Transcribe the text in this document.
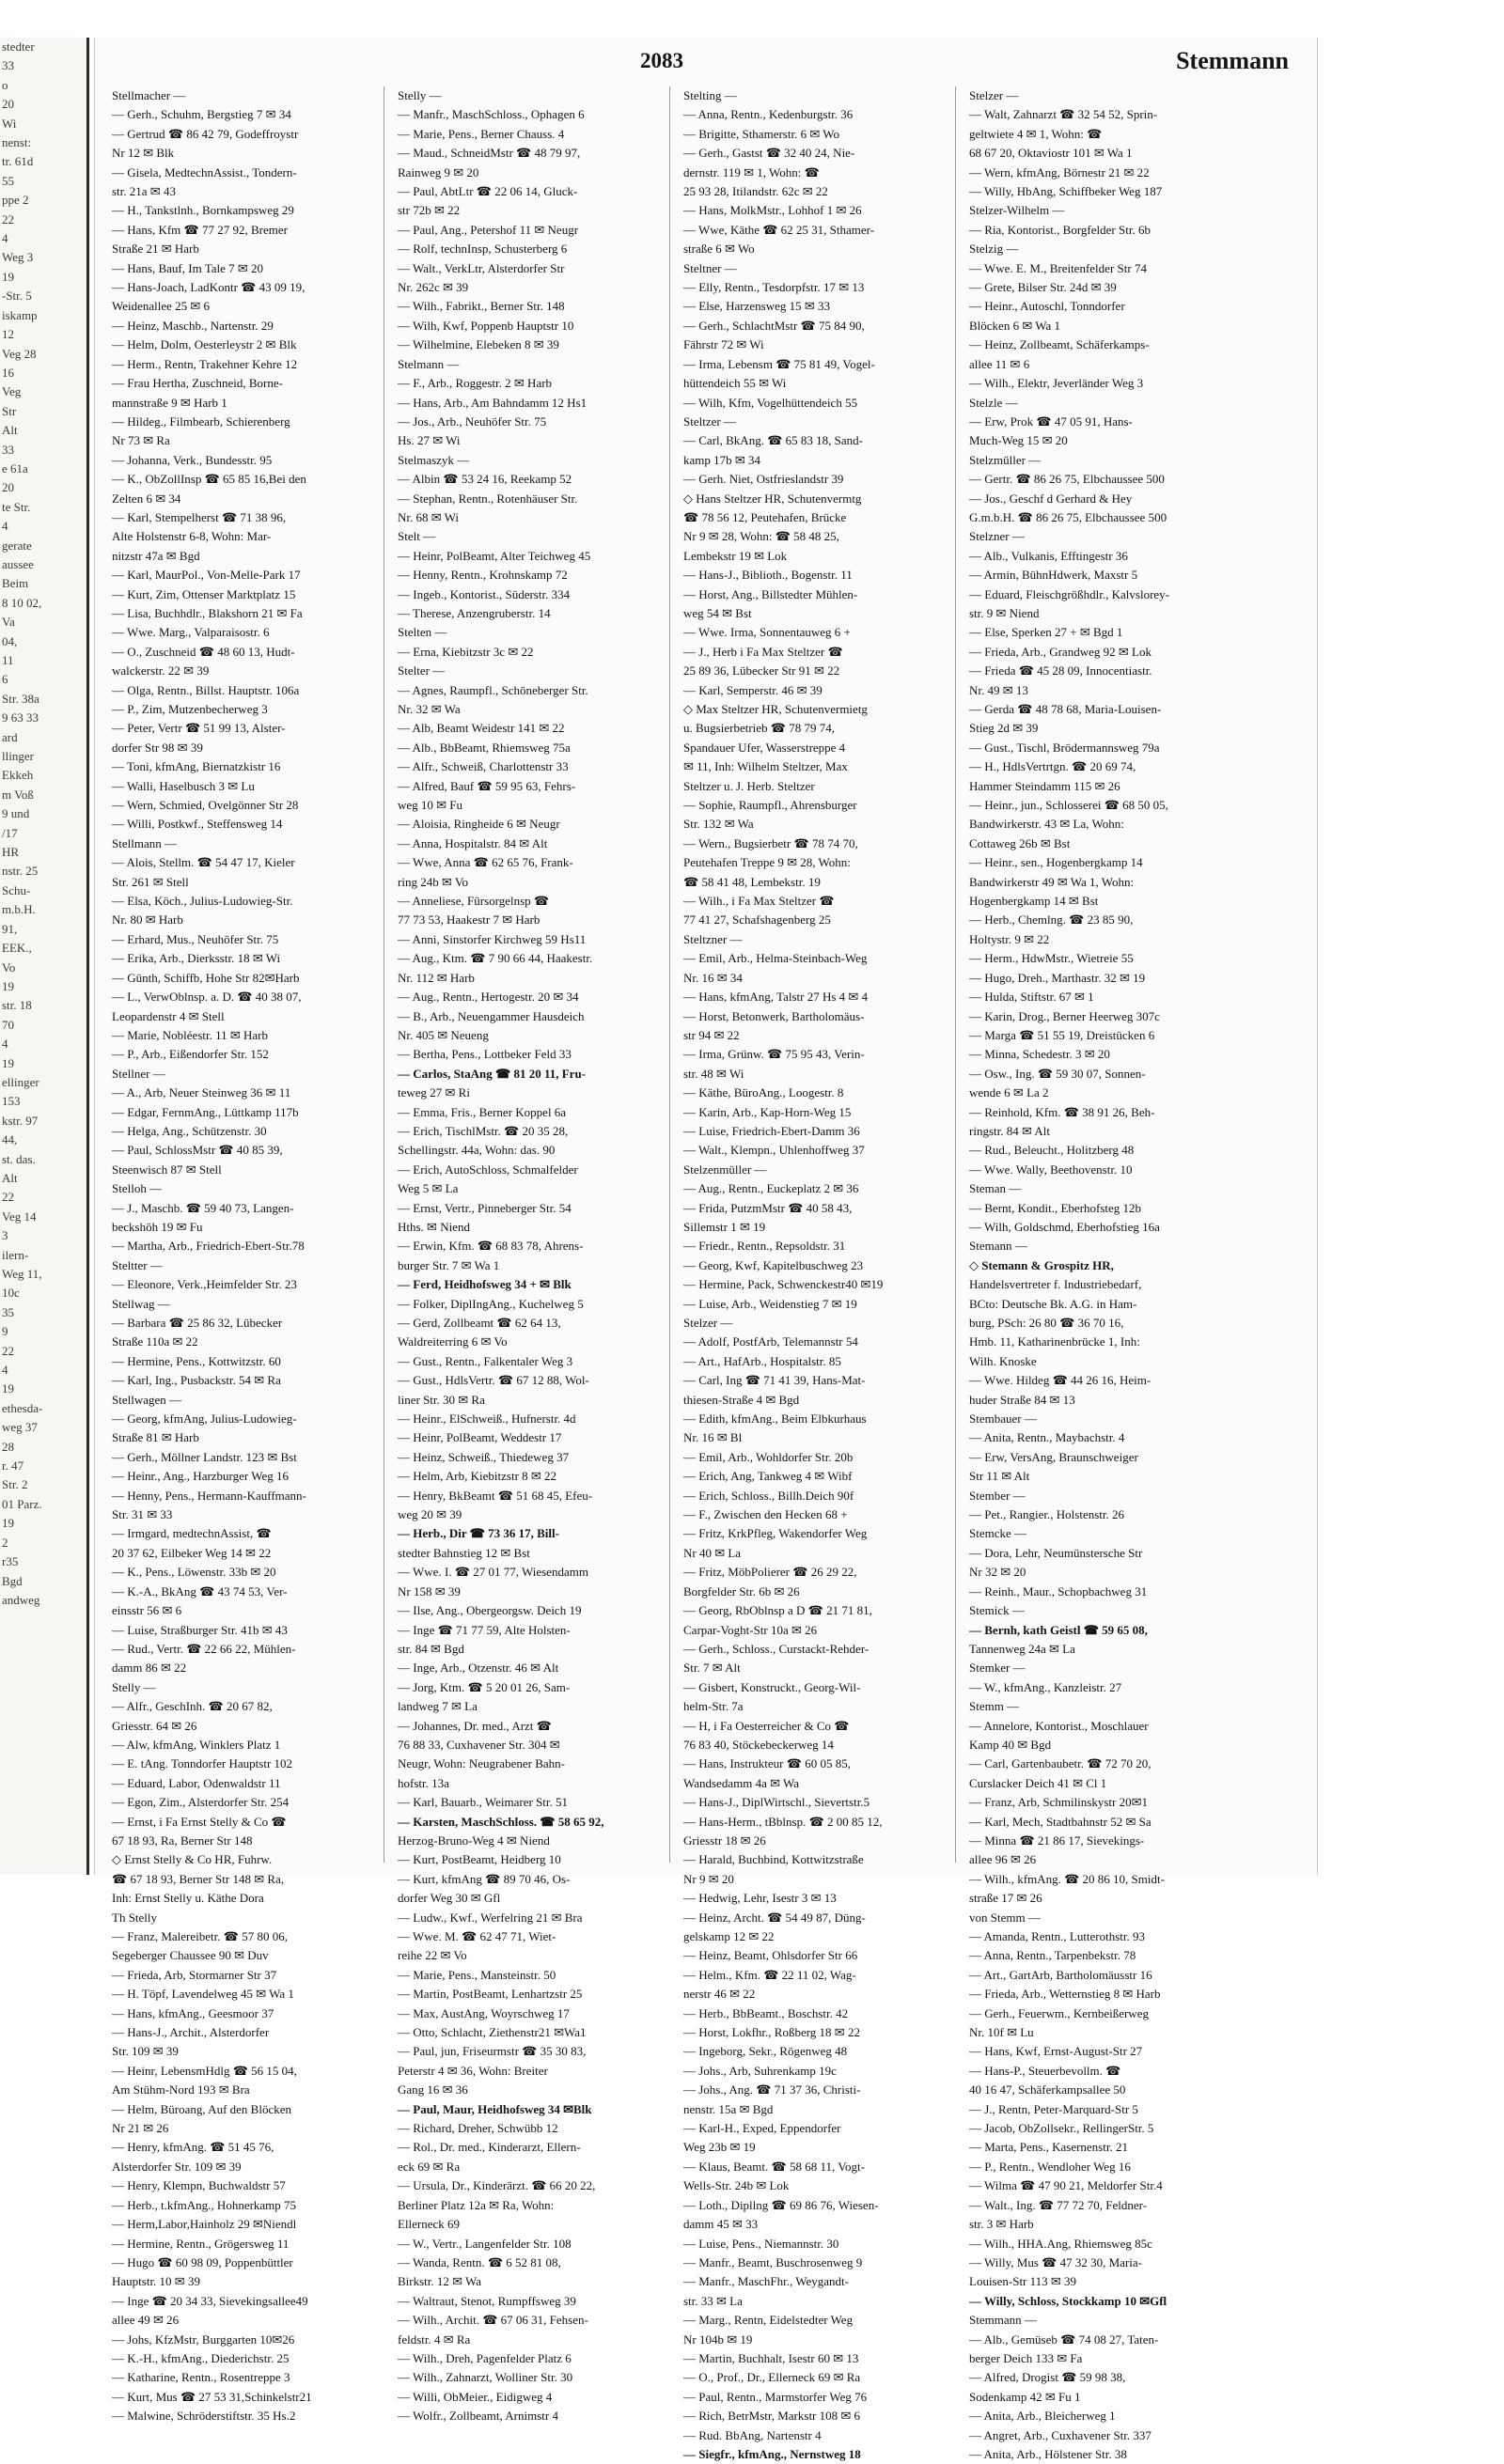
stedter
33
o
20
Wi
nenst:
tr. 61d
55
ppe 2
22
4
Weg 3
19
-Str. 5
iskamp
12
Veg 28
16
Veg
Str
Alt
33
e 61a
20
te Str.
4
gerate
aussee
Beim
8 10 02,
Va
04,
11
6
Str. 38a
9 63 33
ard
llinger
Ekkeh
m Voß
9 und
/17
HR
nstr. 25
Schu-
m.b.H.
91,
EEK.,
Vo
19
str. 18
70
4
19
ellinger
153
kstr. 97
44,
st. das.
Alt
22
Veg 14
3
ilern-
Weg 11,
10c
35
9
22
4
19
ethesda-
weg 37
28
r. 47
Str. 2
01 Parz.
19
2
r35
Bgd
andweg
2083	Stemmann
Stellmacher —
— Gerh., Schuhm, Bergstieg 7 ✉ 34
— Gertrud ☎ 86 42 79, Godeffroystr
Nr 12 ✉ Blk
— Gisela, MedtechnAssist., Tondern-
str. 21a ✉ 43
— H., Tankstlnh., Bornkampsweg 29
— Hans, Kfm ☎ 77 27 92, Bremer
Straße 21 ✉ Harb
— Hans, Bauf, Im Tale 7 ✉ 20
— Hans-Joach, LadKontr ☎ 43 09 19,
Weidenallee 25 ✉ 6
— Heinz, Maschb., Nartenstr. 29
— Helm, Dolm, Oesterleystr 2 ✉ Blk
— Herm., Rentn, Trakehner Kehre 12
— Frau Hertha, Zuschneid, Borne-
mannstraße 9 ✉ Harb 1
— Hildeg., Filmbearb, Schierenberg
Nr 73 ✉ Ra
— Johanna, Verk., Bundesstr. 95
— K., ObZollInsp ☎ 65 85 16,Bei den
Zelten 6 ✉ 34
— Karl, Stempelherst ☎ 71 38 96,
Alte Holstenstr 6-8, Wohn: Mar-
nitzstr 47a ✉ Bgd
— Karl, MaurPol., Von-Melle-Park 17
— Kurt, Zim, Ottenser Marktplatz 15
— Lisa, Buchhdlr., Blakshorn 21 ✉ Fa
— Wwe. Marg., Valparaisostr. 6
— O., Zuschneid ☎ 48 60 13, Hudt-
walckerstr. 22 ✉ 39
— Olga, Rentn., Billst. Hauptstr. 106a
— P., Zim, Mutzenbecherweg 3
— Peter, Vertr ☎ 51 99 13, Alster-
dorfer Str 98 ✉ 39
— Toni, kfmAng, Biernatzkistr 16
— Walli, Haselbusch 3 ✉ Lu
— Wern, Schmied, Ovelgönner Str 28
— Willi, Postkwf., Steffensweg 14
Stellmann —
— Alois, Stellm. ☎ 54 47 17, Kieler
Str. 261 ✉ Stell
— Elsa, Köch., Julius-Ludowieg-Str.
Nr. 80 ✉ Harb
— Erhard, Mus., Neuhöfer Str. 75
— Erika, Arb., Dierksstr. 18 ✉ Wi
— Günth, Schiffb, Hohe Str 82✉Harb
— L., VerwOblnsp. a. D. ☎ 40 38 07,
Leopardenstr 4 ✉ Stell
— Marie, Nobléestr. 11 ✉ Harb
— P., Arb., Eißendorfer Str. 152
Stellner —
— A., Arb, Neuer Steinweg 36 ✉ 11
— Edgar, FernmAng., Lüttkamp 117b
— Helga, Ang., Schützenstr. 30
— Paul, SchlossMstr ☎ 40 85 39,
Steenwisch 87 ✉ Stell
Stelloh —
— J., Maschb. ☎ 59 40 73, Langen-
beckshöh 19 ✉ Fu
— Martha, Arb., Friedrich-Ebert-Str.78
Steltter —
— Eleonore, Verk.,Heimfelder Str. 23
Stellwag —
— Barbara ☎ 25 86 32, Lübecker
Straße 110a ✉ 22
— Hermine, Pens., Kottwitzstr. 60
— Karl, Ing., Pusbackstr. 54 ✉ Ra
Stellwagen —
— Georg, kfmAng, Julius-Ludowieg-
Straße 81 ✉ Harb
— Gerh., Möllner Landstr. 123 ✉ Bst
— Heinr., Ang., Harzburger Weg 16
— Henny, Pens., Hermann-Kauffmann-
Str. 31 ✉ 33
— Irmgard, medtechnAssist, ☎
20 37 62, Eilbeker Weg 14 ✉ 22
— K., Pens., Löwenstr. 33b ✉ 20
— K.-A., BkAng ☎ 43 74 53, Ver-
einsstr 56 ✉ 6
— Luise, Straßburger Str. 41b ✉ 43
— Rud., Vertr. ☎ 22 66 22, Mühlen-
damm 86 ✉ 22
Stelly —
— Alfr., GeschInh. ☎ 20 67 82,
Griesstr. 64 ✉ 26
— Alw, kfmAng, Winklers Platz 1
— E. tAng. Tonndorfer Hauptstr 102
— Eduard, Labor, Odenwaldstr 11
— Egon, Zim., Alsterdorfer Str. 254
— Ernst, i Fa Ernst Stelly & Co ☎
67 18 93, Ra, Berner Str 148
◇ Ernst Stelly & Co HR, Fuhrw.
☎ 67 18 93, Berner Str 148 ✉ Ra,
Inh: Ernst Stelly u. Käthe Dora
Th Stelly
— Franz, Malereibetr. ☎ 57 80 06,
Segeberger Chaussee 90 ✉ Duv
— Frieda, Arb, Stormarner Str 37
— H. Töpf, Lavendelweg 45 ✉ Wa 1
— Hans, kfmAng., Geesmoor 37
— Hans-J., Archit., Alsterdorfer
Str. 109 ✉ 39
— Heinr, LebensmHdlg ☎ 56 15 04,
Am Stühm-Nord 193 ✉ Bra
— Helm, Büroang, Auf den Blöcken
Nr 21 ✉ 26
— Henry, kfmAng. ☎ 51 45 76,
Alsterdorfer Str. 109 ✉ 39
— Henry, Klempn, Buchwaldstr 57
— Herb., t.kfmAng., Hohnerkamp 75
— Herm,Labor,Hainholz 29 ✉Niendl
— Hermine, Rentn., Grögersweg 11
— Hugo ☎ 60 98 09, Poppenbüttler
Hauptstr. 10 ✉ 39
— Inge ☎ 20 34 33, Sievekingsallee49
allee 49 ✉ 26
— Johs, KfzMstr, Burggarten 10✉26
— K.-H., kfmAng., Diederichstr. 25
— Katharine, Rentn., Rosentreppe 3
— Kurt, Mus ☎ 27 53 31,Schinkelstr21
— Malwine, Schröderstiftstr. 35 Hs.2
Stelly —
— Manfr., MaschSchloss., Ophagen 6
— Marie, Pens., Berner Chauss. 4
— Maud., SchneidMstr ☎ 48 79 97,
Rainweg 9 ✉ 20
— Paul, AbtLtr ☎ 22 06 14, Gluck-
str 72b ✉ 22
— Paul, Ang., Petershof 11 ✉ Neugr
— Rolf, technInsp, Schusterberg 6
— Walt., VerkLtr, Alsterdorfer Str
Nr. 262c ✉ 39
— Wilh., Fabrikt., Berner Str. 148
— Wilh, Kwf, Poppenb Hauptstr 10
— Wilhelmine, Elebeken 8 ✉ 39
Stelmann —
— F., Arb., Roggestr. 2 ✉ Harb
— Hans, Arb., Am Bahndamm 12 Hs1
— Jos., Arb., Neuhöfer Str. 75
Hs. 27 ✉ Wi
Stelmaszyk —
— Albin ☎ 53 24 16, Reekamp 52
— Stephan, Rentn., Rotenhäuser Str.
Nr. 68 ✉ Wi
Stelt —
— Heinr, PolBeamt, Alter Teichweg 45
— Henny, Rentn., Krohnskamp 72
— Ingeb., Kontorist., Süderstr. 334
— Therese, Anzengruberstr. 14
Stelten —
— Erna, Kiebitzstr 3c ✉ 22
Stelter —
— Agnes, Raumpfl., Schöneberger Str.
Nr. 32 ✉ Wa
— Alb, Beamt Weidestr 141 ✉ 22
— Alb., BbBeamt, Rhiemsweg 75a
— Alfr., Schweiß, Charlottenstr 33
— Alfred, Bauf ☎ 59 95 63, Fehrs-
weg 10 ✉ Fu
— Aloisia, Ringheide 6 ✉ Neugr
— Anna, Hospitalstr. 84 ✉ Alt
— Wwe, Anna ☎ 62 65 76, Frank-
ring 24b ✉ Vo
— Anneliese, Fürsorgelnsp ☎
77 73 53, Haakestr 7 ✉ Harb
— Anni, Sinstorfer Kirchweg 59 Hs11
— Aug., Ktm. ☎ 7 90 66 44, Haakestr.
Nr. 112 ✉ Harb
— Aug., Rentn., Hertogestr. 20 ✉ 34
— B., Arb., Neuengammer Hausdeich
Nr. 405 ✉ Neueng
— Bertha, Pens., Lottbeker Feld 33
— Carlos, StaAng ☎ 81 20 11, Fru-
teweg 27 ✉ Ri
— Emma, Fris., Berner Koppel 6a
— Erich, TischlMstr. ☎ 20 35 28,
Schellingstr. 44a, Wohn: das. 90
— Erich, AutoSchloss, Schmalfelder
Weg 5 ✉ La
— Ernst, Vertr., Pinneberger Str. 54
Hths. ✉ Niend
— Erwin, Kfm. ☎ 68 83 78, Ahrens-
burger Str. 7 ✉ Wa 1
— Ferd, Heidhofsweg 34 + ✉ Blk
— Folker, DiplIngAng., Kuchelweg 5
— Gerd, Zollbeamt ☎ 62 64 13,
Waldreiterring 6 ✉ Vo
— Gust., Rentn., Falkentaler Weg 3
— Gust., HdlsVertr. ☎ 67 12 88, Wol-
liner Str. 30 ✉ Ra
— Heinr., ElSchweiß., Hufnerstr. 4d
— Heinr, PolBeamt, Weddestr 17
— Heinz, Schweiß., Thiedeweg 37
— Helm, Arb, Kiebitzstr 8 ✉ 22
— Henry, BkBeamt ☎ 51 68 45, Efeu-
weg 20 ✉ 39
— Herb., Dir ☎ 73 36 17, Bill-
stedter Bahnstieg 12 ✉ Bst
— Wwe. I. ☎ 27 01 77, Wiesendamm
Nr 158 ✉ 39
— Ilse, Ang., Obergeorgsw. Deich 19
— Inge ☎ 71 77 59, Alte Holsten-
str. 84 ✉ Bgd
— Inge, Arb., Otzenstr. 46 ✉ Alt
— Jorg, Ktm. ☎ 5 20 01 26, Sam-
landweg 7 ✉ La
— Johannes, Dr. med., Arzt ☎
76 88 33, Cuxhavener Str. 304 ✉
Neugr, Wohn: Neugrabener Bahn-
hofstr. 13a
— Karl, Bauarb., Weimarer Str. 51
— Karsten, MaschSchloss. ☎ 58 65 92,
Herzog-Bruno-Weg 4 ✉ Niend
— Kurt, PostBeamt, Heidberg 10
— Kurt, kfmAng ☎ 89 70 46, Os-
dorfer Weg 30 ✉ Gfl
— Ludw., Kwf., Werfelring 21 ✉ Bra
— Wwe. M. ☎ 62 47 71, Wiet-
reihe 22 ✉ Vo
— Marie, Pens., Mansteinstr. 50
— Martin, PostBeamt, Lenhartzstr 25
— Max, AustAng, Woyrschweg 17
— Otto, Schlacht, Ziethenstr21 ✉Wa1
— Paul, jun, Friseurmstr ☎ 35 30 83,
Peterstr 4 ✉ 36, Wohn: Breiter
Gang 16 ✉ 36
— Paul, Maur, Heidhofsweg 34 ✉Blk
— Richard, Dreher, Schwübb 12
— Rol., Dr. med., Kinderarzt, Ellern-
eck 69 ✉ Ra
— Ursula, Dr., Kinderärzt. ☎ 66 20 22,
Berliner Platz 12a ✉ Ra, Wohn:
Ellerneck 69
— W., Vertr., Langenfelder Str. 108
— Wanda, Rentn. ☎ 6 52 81 08,
Birkstr. 12 ✉ Wa
— Waltraut, Stenot, Rumpffsweg 39
— Wilh., Archit. ☎ 67 06 31, Fehsen-
feldstr. 4 ✉ Ra
— Wilh., Dreh, Pagenfelder Platz 6
— Wilh., Zahnarzt, Wolliner Str. 30
— Willi, ObMeier., Eidigweg 4
— Wolfr., Zollbeamt, Arnimstr 4
Stelting —
— Anna, Rentn., Kedenburgstr. 36
— Brigitte, Sthamerstr. 6 ✉ Wo
— Gerh., Gastst ☎ 32 40 24, Nie-
dernstr. 119 ✉ 1, Wohn: ☎
25 93 28, Itilandstr. 62c ✉ 22
— Hans, MolkMstr., Lohhof 1 ✉ 26
— Wwe, Käthe ☎ 62 25 31, Sthamer-
straße 6 ✉ Wo
Steltner —
— Elly, Rentn., Tesdorpfstr. 17 ✉ 13
— Else, Harzensweg 15 ✉ 33
— Gerh., SchlachtMstr ☎ 75 84 90,
Fährstr 72 ✉ Wi
— Irma, Lebensm ☎ 75 81 49, Vogel-
hüttendeich 55 ✉ Wi
— Wilh, Kfm, Vogelhüttendeich 55
Steltzer —
— Carl, BkAng. ☎ 65 83 18, Sand-
kamp 17b ✉ 34
— Gerh. Niet, Ostfrieslandstr 39
◇ Hans Steltzer HR, Schutenvermtg
☎ 78 56 12, Peutehafen, Brücke
Nr 9 ✉ 28, Wohn: ☎ 58 48 25,
Lembekstr 19 ✉ Lok
— Hans-J., Biblioth., Bogenstr. 11
— Horst, Ang., Billstedter Mühlen-
weg 54 ✉ Bst
— Wwe. Irma, Sonnentauweg 6 +
— J., Herb i Fa Max Steltzer ☎
25 89 36, Lübecker Str 91 ✉ 22
— Karl, Semperstr. 46 ✉ 39
◇ Max Steltzer HR, Schutenvermietg
u. Bugsierbetrieb ☎ 78 79 74,
Spandauer Ufer, Wasserstreppe 4
✉ 11, Inh: Wilhelm Steltzer, Max
Steltzer u. J. Herb. Steltzer
— Sophie, Raumpfl., Ahrensburger
Str. 132 ✉ Wa
— Wern., Bugsierbetr ☎ 78 74 70,
Peutehafen Treppe 9 ✉ 28, Wohn:
☎ 58 41 48, Lembekstr. 19
— Wilh., i Fa Max Steltzer ☎
77 41 27, Schafshagenberg 25
Steltzner —
— Emil, Arb., Helma-Steinbach-Weg
Nr. 16 ✉ 34
— Hans, kfmAng, Talstr 27 Hs 4 ✉ 4
— Horst, Betonwerk, Bartholomäus-
str 94 ✉ 22
— Irma, Grünw. ☎ 75 95 43, Verin-
str. 48 ✉ Wi
— Käthe, BüroAng., Loogestr. 8
— Karin, Arb., Kap-Horn-Weg 15
— Luise, Friedrich-Ebert-Damm 36
— Walt., Klempn., Uhlenhoffweg 37
Stelzenmüller —
— Aug., Rentn., Euckeplatz 2 ✉ 36
— Frida, PutzmMstr ☎ 40 58 43,
Sillemstr 1 ✉ 19
— Friedr., Rentn., Repsoldstr. 31
— Georg, Kwf, Kapitelbuschweg 23
— Hermine, Pack, Schwenckestr40 ✉19
— Luise, Arb., Weidenstieg 7 ✉ 19
Stelzer —
— Adolf, PostfArb, Telemannstr 54
— Art., HafArb., Hospitalstr. 85
— Carl, Ing ☎ 71 41 39, Hans-Mat-
thiesen-Straße 4 ✉ Bgd
— Edith, kfmAng., Beim Elbkurhaus
Nr. 16 ✉ Bl
— Emil, Arb., Wohldorfer Str. 20b
— Erich, Ang, Tankweg 4 ✉ Wibf
— Erich, Schloss., Billh.Deich 90f
— F., Zwischen den Hecken 68 +
— Fritz, KrkPfleg, Wakendorfer Weg
Nr 40 ✉ La
— Fritz, MöbPolierer ☎ 26 29 22,
Borgfelder Str. 6b ✉ 26
— Georg, RbOblnsp a D ☎ 21 71 81,
Carpar-Voght-Str 10a ✉ 26
— Gerh., Schloss., Curstackt-Rehder-
Str. 7 ✉ Alt
— Gisbert, Konstruckt., Georg-Wil-
helm-Str. 7a
— H, i Fa Oesterreicher & Co ☎
76 83 40, Stöckebeckerweg 14
— Hans, Instrukteur ☎ 60 05 85,
Wandsedamm 4a ✉ Wa
— Hans-J., DiplWirtschl., Sievertstr.5
— Hans-Herm., tBblnsp. ☎ 2 00 85 12,
Griesstr 18 ✉ 26
— Harald, Buchbind, Kottwitzstraße
Nr 9 ✉ 20
— Hedwig, Lehr, Isestr 3 ✉ 13
— Heinz, Archt. ☎ 54 49 87, Düng-
gelskamp 12 ✉ 22
— Heinz, Beamt, Ohlsdorfer Str 66
— Helm., Kfm. ☎ 22 11 02, Wag-
nerstr 46 ✉ 22
— Herb., BbBeamt., Boschstr. 42
— Horst, Lokfhr., Roßberg 18 ✉ 22
— Ingeborg, Sekr., Rögenweg 48
— Johs., Arb, Suhrenkamp 19c
— Johs., Ang. ☎ 71 37 36, Christi-
nenstr. 15a ✉ Bgd
— Karl-H., Exped, Eppendorfer
Weg 23b ✉ 19
— Klaus, Beamt. ☎ 58 68 11, Vogt-
Wells-Str. 24b ✉ Lok
— Loth., Dipllng ☎ 69 86 76, Wiesen-
damm 45 ✉ 33
— Luise, Pens., Niemannstr. 30
— Manfr., Beamt, Buschrosenweg 9
— Manfr., MaschFhr., Weygandt-
str. 33 ✉ La
— Marg., Rentn, Eidelstedter Weg
Nr 104b ✉ 19
— Martin, Buchhalt, Isestr 60 ✉ 13
— O., Prof., Dr., Ellerneck 69 ✉ Ra
— Paul, Rentn., Marmstorfer Weg 76
— Rich, BetrMstr, Markstr 108 ✉ 6
— Rud. BbAng, Nartenstr 4
— Siegfr., kfmAng., Nernstweg 18
Stelzer —
— Walt, Zahnarzt ☎ 32 54 52, Sprin-
geltwiete 4 ✉ 1, Wohn: ☎
68 67 20, Oktaviostr 101 ✉ Wa 1
— Wern, kfmAng, Börnestr 21 ✉ 22
— Willy, HbAng, Schiffbeker Weg 187
Stelzer-Wilhelm —
— Ria, Kontorist., Borgfelder Str. 6b
Stelzig —
— Wwe. E. M., Breitenfelder Str 74
— Grete, Bilser Str. 24d ✉ 39
— Heinr., Autoschl, Tonndorfer
Blöcken 6 ✉ Wa 1
— Heinz, Zollbeamt, Schäferkamps-
allee 11 ✉ 6
— Wilh., Elektr, Jeverländer Weg 3
Stelzle —
— Erw, Prok ☎ 47 05 91, Hans-
Much-Weg 15 ✉ 20
Stelzmüller —
— Gertr. ☎ 86 26 75, Elbchaussee 500
— Jos., Geschf d Gerhard & Hey
G.m.b.H. ☎ 86 26 75, Elbchaussee 500
Stelzner —
— Alb., Vulkanis, Efftingestr 36
— Armin, BühnHdwerk, Maxstr 5
— Eduard, Fleischgrößhdlr., Kalvslorey-
str. 9 ✉ Niend
— Else, Sperken 27 + ✉ Bgd 1
— Frieda, Arb., Grandweg 92 ✉ Lok
— Frieda ☎ 45 28 09, Innocentiastr.
Nr. 49 ✉ 13
— Gerda ☎ 48 78 68, Maria-Louisen-
Stieg 2d ✉ 39
— Gust., Tischl, Brödermannsweg 79a
— H., HdlsVertrtgn. ☎ 20 69 74,
Hammer Steindamm 115 ✉ 26
— Heinr., jun., Schlosserei ☎ 68 50 05,
Bandwirkerstr. 43 ✉ La, Wohn:
Cottaweg 26b ✉ Bst
— Heinr., sen., Hogenbergkamp 14
Bandwirkerstr 49 ✉ Wa 1, Wohn:
Hogenbergkamp 14 ✉ Bst
— Herb., Chemlng. ☎ 23 85 90,
Holtystr. 9 ✉ 22
— Herm., HdwMstr., Wietreie 55
— Hugo, Dreh., Marthastr. 32 ✉ 19
— Hulda, Stiftstr. 67 ✉ 1
— Karin, Drog., Berner Heerweg 307c
— Marga ☎ 51 55 19, Dreistücken 6
— Minna, Schedestr. 3 ✉ 20
— Osw., Ing. ☎ 59 30 07, Sonnen-
wende 6 ✉ La 2
— Reinhold, Kfm. ☎ 38 91 26, Beh-
ringstr. 84 ✉ Alt
— Rud., Beleucht., Holitzberg 48
— Wwe. Wally, Beethovenstr. 10
Steman —
— Bernt, Kondit., Eberhofsteg 12b
— Wilh, Goldschmd, Eberhofstieg 16a
Stemann —
◇ Stemann & Grospitz HR,
Handelsvertreter f. Industriebedarf,
BCto: Deutsche Bk. A.G. in Ham-
burg, PSch: 26 80 ☎ 36 70 16,
Hmb. 11, Katharinenbrücke 1, Inh:
Wilh. Knoske
— Wwe. Hildeg ☎ 44 26 16, Heim-
huder Straße 84 ✉ 13
Stembauer —
— Anita, Rentn., Maybachstr. 4
— Erw, VersAng, Braunschweiger
Str 11 ✉ Alt
Stember —
— Pet., Rangier., Holstenstr. 26
Stemcke —
— Dora, Lehr, Neumünstersche Str
Nr 32 ✉ 20
— Reinh., Maur., Schopbachweg 31
Stemick —
— Bernh, kath Geistl ☎ 59 65 08,
Tannenweg 24a ✉ La
Stemker —
— W., kfmAng., Kanzleistr. 27
Stemm —
— Annelore, Kontorist., Moschlauer
Kamp 40 ✉ Bgd
— Carl, Gartenbaubetr. ☎ 72 70 20,
Curslacker Deich 41 ✉ Cl 1
— Franz, Arb, Schmilinskystr 20✉1
— Karl, Mech, Stadtbahnstr 52 ✉ Sa
— Minna ☎ 21 86 17, Sievekings-
allee 96 ✉ 26
— Wilh., kfmAng. ☎ 20 86 10, Smidt-
straße 17 ✉ 26
von Stemm —
— Amanda, Rentn., Lutterothstr. 93
— Anna, Rentn., Tarpenbekstr. 78
— Art., GartArb, Bartholomäusstr 16
— Frieda, Arb., Wetternstieg 8 ✉ Harb
— Gerh., Feuerwm., Kernbeißerweg
Nr. 10f ✉ Lu
— Hans, Kwf, Ernst-August-Str 27
— Hans-P., Steuerbevollm. ☎
40 16 47, Schäferkampsallee 50
— J., Rentn, Peter-Marquard-Str 5
— Jacob, ObZollsekr., RellingerStr. 5
— Marta, Pens., Kasernenstr. 21
— P., Rentn., Wendloher Weg 16
— Wilma ☎ 47 90 21, Meldorfer Str.4
— Walt., Ing. ☎ 77 72 70, Feldner-
str. 3 ✉ Harb
— Wilh., HHA.Ang, Rhiemsweg 85c
— Willy, Mus ☎ 47 32 30, Maria-
Louisen-Str 113 ✉ 39
— Willy, Schloss, Stockkamp 10 ✉Gfl
Stemmann —
— Alb., Gemüseb ☎ 74 08 27, Taten-
berger Deich 133 ✉ Fa
— Alfred, Drogist ☎ 59 98 38,
Sodenkamp 42 ✉ Fu 1
— Anita, Arb., Bleicherweg 1
— Angret, Arb., Cuxhavener Str. 337
— Anita, Arb., Hölstener Str. 38
